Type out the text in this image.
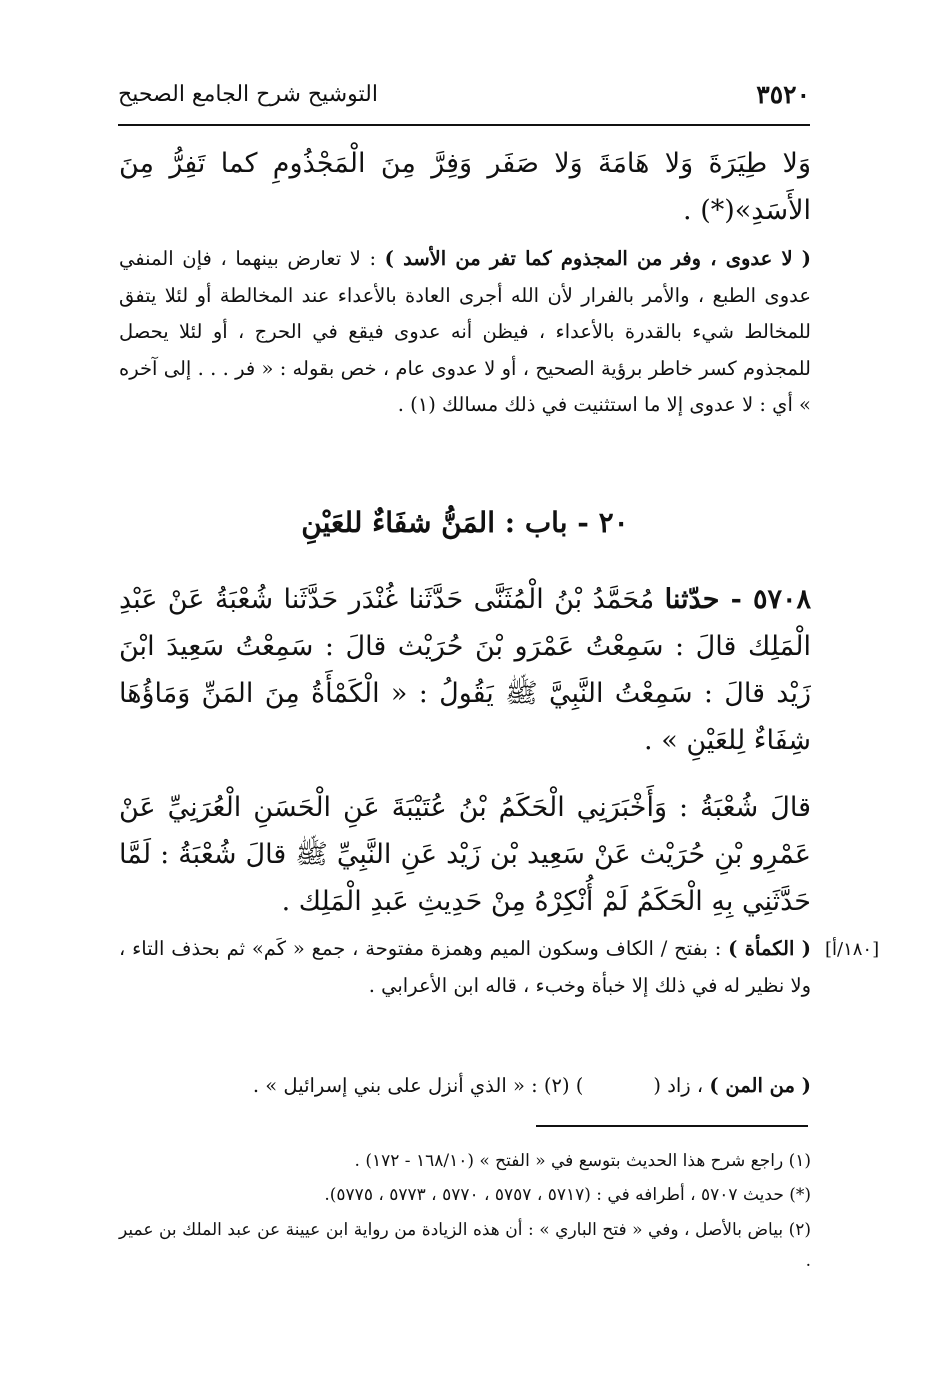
٣٥٢٠
التوشيح شرح الجامع الصحيح
وَلا طِيَرَةَ وَلا هَامَةَ وَلا صَفَر وَفِرَّ مِنَ الْمَجْذُومِ كما تَفِرُّ مِنَ الأَسَدِ»(*) .
( لا عدوى ، وفر من المجذوم كما تفر من الأسد ) : لا تعارض بينهما ، فإن المنفي عدوى الطبع ، والأمر بالفرار لأن الله أجرى العادة بالأعداء عند المخالطة أو لئلا يتفق للمخالط شيء بالقدرة بالأعداء ، فيظن أنه عدوى فيقع في الحرج ، أو لئلا يحصل للمجذوم كسر خاطر برؤية الصحيح ، أو لا عدوى عام ، خص بقوله : « فر . . . إلى آخره » أي : لا عدوى إلا ما استثنيت في ذلك مسالك (١) .
٢٠ - باب : المَنُّ شفَاءٌ للعَيْنِ
٥٧٠٨ - حدّثنا مُحَمَّدُ بْنُ الْمُثَنَّى حَدَّثَنا غُنْدَر حَدَّثَنا شُعْبَةُ عَنْ عَبْدِ الْمَلِك قالَ : سَمِعْتُ عَمْرَو بْنَ حُرَيْث قالَ : سَمِعْتُ سَعِيدَ ابْنَ زَيْد قالَ : سَمِعْتُ النَّبِيَّ ﷺ يَقُولُ : « الْكَمْأَةُ مِنَ المَنِّ وَمَاؤُهَا شِفَاءٌ لِلعَيْنِ » .
قالَ شُعْبَةُ : وَأَخْبَرَنِي الْحَكَمُ بْنُ عُتَيْبَةَ عَنِ الْحَسَنِ الْعُرَنِيِّ عَنْ عَمْرِو بْنِ حُرَيْث عَنْ سَعِيد بْن زَيْد عَنِ النَّبِيِّ ﷺ قالَ شُعْبَةُ : لَمَّا حَدَّثَنِي بِهِ الْحَكَمُ لَمْ أُنْكِرْهُ مِنْ حَدِيثِ عَبدِ الْمَلِك .
[١٨٠/أ]
( الكمأة ) : بفتح / الكاف وسكون الميم وهمزة مفتوحة ، جمع « كَم» ثم بحذف التاء ، ولا نظير له في ذلك إلا خبأة وخبء ، قاله ابن الأعرابي .
( من المن ) ، زاد () (٢) : « الذي أنزل على بني إسرائيل » .
(١) راجع شرح هذا الحديث بتوسع في « الفتح » (١٦٨/١٠ - ١٧٢) .
(*) حديث ٥٧٠٧ ، أطرافه في : (٥٧١٧ ، ٥٧٥٧ ، ٥٧٧٠ ، ٥٧٧٣ ، ٥٧٧٥).
(٢) بياض بالأصل ، وفي « فتح الباري » : أن هذه الزيادة من رواية ابن عيينة عن عبد الملك بن عمير .
